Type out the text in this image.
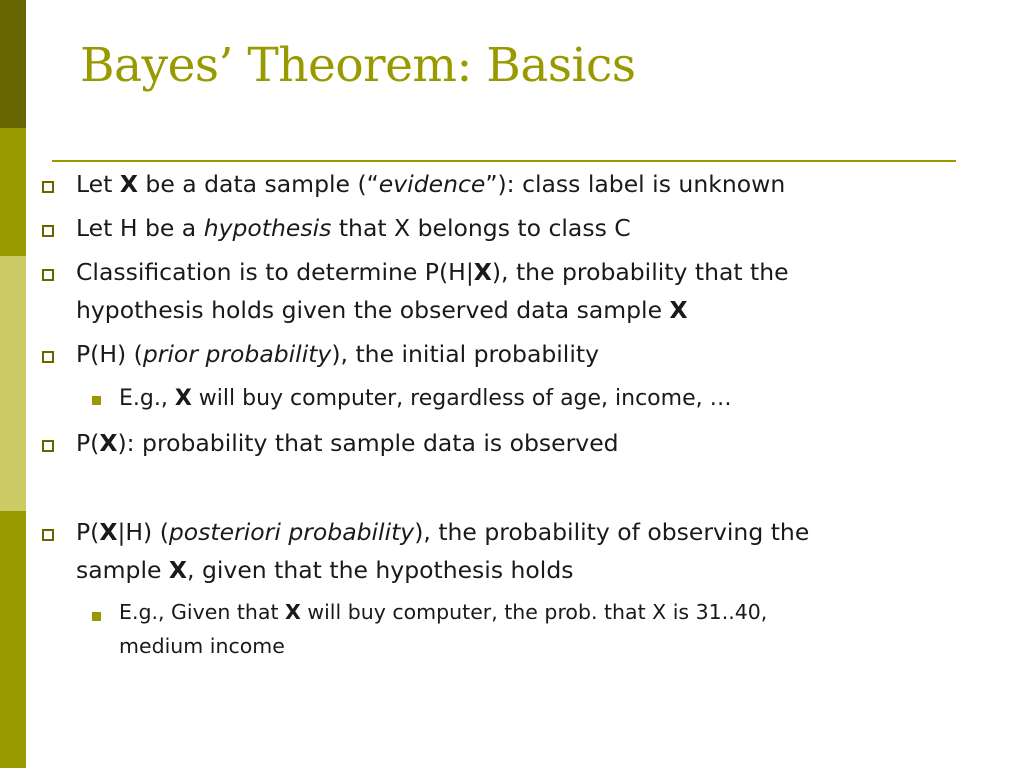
Bayes’ Theorem: Basics
Let X be a data sample (“evidence”): class label is unknown
Let H be a hypothesis that X belongs to class C
Classification is to determine P(H|X), the probability that the
hypothesis holds given the observed data sample X
P(H) (prior probability), the initial probability
E.g., X will buy computer, regardless of age, income, …
P(X): probability that sample data is observed
P(X|H) (posteriori probability), the probability of observing the
sample X, given that the hypothesis holds
E.g., Given that X will buy computer, the prob. that X is 31..40,
medium income
